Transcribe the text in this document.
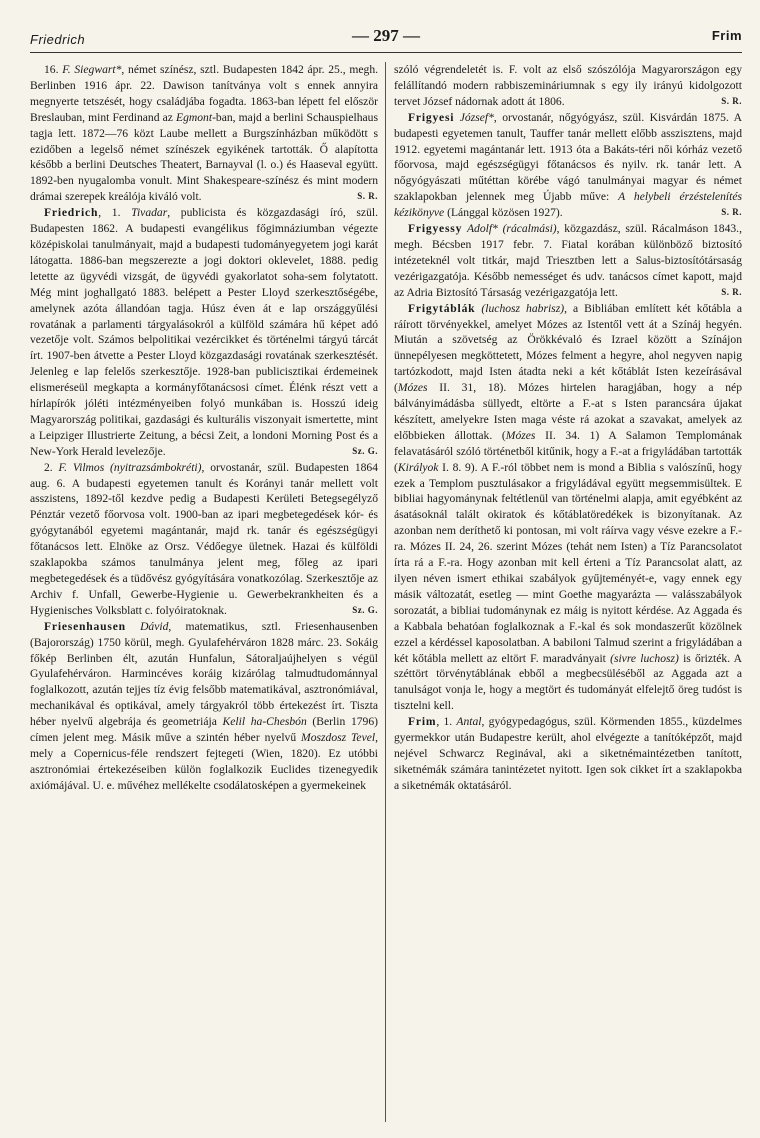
Friedrich	— 297 —	Frim

16. F. Siegwart*, német színész, sztl. Budapesten 1842 ápr. 25., megh. Berlinben 1916 ápr. 22. Dawison tanítványa volt s ennek annyira megnyerte tetszését, hogy családjába fogadta. 1863-ban lépett fel először Breslauban, mint Ferdinand az Egmont-ban, majd a berlini Schauspielhaus tagja lett. 1872—76 közt Laube mellett a Burgszínházban működött s ezidőben a legelső német színészek egyikének tartották. Ő alapította később a berlini Deutsches Theatert, Barnayval (l. o.) és Haaseval együtt. 1892-ben nyugalomba vonult. Mint Shakespeare-színész és mint modern drámai szerepek kreálója kiváló volt.	S. R.

Friedrich, 1. Tivadar, publicista és közgazdasági író, szül. Budapesten 1862. A budapesti evangélikus főgimnáziumban végezte középiskolai tanulmányait, majd a budapesti tudományegyetem jogi karát látogatta. 1886-ban megszerezte a jogi doktori oklevelet, 1888. pedig letette az ügyvédi vizsgát, de ügyvédi gyakorlatot soha-sem folytatott. Még mint joghallgató 1883. belépett a Pester Lloyd szerkesztőségébe, amelynek azóta állandóan tagja. Húsz éven át e lap országgyűlési rovatának a parlamenti tárgyalásokról a külföld számára hű képet adó vezetője volt. Számos belpolitikai vezércikket és történelmi tárgyú tárcát írt. 1907-ben átvette a Pester Lloyd közgazdasági rovatának szerkesztését. Jelenleg e lap felelős szerkesztője. 1928-ban publicisztikai érdemeinek elismeréseül megkapta a kormányfőtanácsosi címet. Élénk részt vett a hírlapírók jóléti intézményeiben folyó munkában is. Hosszú ideig Magyarország politikai, gazdasági és kulturális viszonyait ismertette, mint a Leipziger Illustrierte Zeitung, a bécsi Zeit, a londoni Morning Post és a New-York Herald levelezője.	Sz. G.

2. F. Vilmos (nyitrazsámbokréti), orvostanár, szül. Budapesten 1864 aug. 6. A budapesti egyetemen tanult és Korányi tanár mellett volt asszistens, 1892-től kezdve pedig a Budapesti Kerületi Betegsegélyző Pénztár vezető főorvosa volt. 1900-ban az ipari megbetegedések kór- és gyógytanából egyetemi magántanár, majd rk. tanár és egészségügyi főtanácsos lett. Elnöke az Orsz. Védőegye ületnek. Hazai és külföldi szaklapokba számos tanulmánya jelent meg, főleg az ipari megbetegedések és a tüdővész gyógyítására vonatkozólag. Szerkesztője az Archiv f. Unfall, Gewerbe-Hygienie u. Gewerbekrankheiten és a Hygienisches Volksblatt c. folyóiratoknak.	Sz. G.

Friesenhausen Dávid, matematikus, sztl. Friesenhausenben (Bajorország) 1750 körül, megh. Gyulafehérváron 1828 márc. 23. Sokáig főkép Berlinben élt, azután Hunfalun, Sátoraljaújhelyen s végül Gyulafehérváron. Harmincéves koráig kizárólag talmudtudománnyal foglalkozott, azután tejjes tíz évig felsőbb matematikával, asztronómiával, mechanikával és optikával, amely tárgyakról több értekezést írt. Tiszta héber nyelvű algebrája és geometriája Kelil ha-Chesbón (Berlin 1796) címen jelent meg. Másik műve a szintén héber nyelvű Moszdosz Tevel, mely a Copernicus-féle rendszert fejtegeti (Wien, 1820). Ez utóbbi asztronómiai értekezéseiben külön foglalkozik Euclides tizenegyedik axiómájával. U. e. művéhez mellékelte csodálatosképen a gyermekeinek

szóló végrendeletét is. F. volt az első szószólója Magyarországon egy felállítandó modern rabbiszemináriumnak s egy ily irányú kidolgozott tervet József nádornak adott át 1806.	S. R.

Frigyesi József*, orvostanár, nőgyógyász, szül. Kisvárdán 1875. A budapesti egyetemen tanult, Tauffer tanár mellett előbb asszisztens, majd 1912. egyetemi magántanár lett. 1913 óta a Bakáts-téri női kórház vezető főorvosa, majd egészségügyi főtanácsos és nyilv. rk. tanár lett. A nőgyógyászati műtéttan körébe vágó tanulmányai magyar és német szaklapokban jelennek meg Újabb műve: A helybeli érzéstelenítés kézikönyve (Lánggal közösen 1927).	S. R.

Frigyessy Adolf* (rácalmási), közgazdász, szül. Rácalmáson 1843., megh. Bécsben 1917 febr. 7. Fiatal korában különböző biztosító intézeteknél volt titkár, majd Triesztben lett a Salus-biztosítótársaság vezérigazgatója. Később nemességet és udv. tanácsos címet kapott, majd az Adria Biztosító Társaság vezérigazgatója lett.	S. R.

Frigytáblák (luchosz habrisz), a Bibliában említett két kőtábla a ráírott törvényekkel, amelyet Mózes az Istentől vett át a Színáj hegyén. Miután a szövetség az Örökkévaló és Izrael között a Színájon ünnepélyesen megköttetett, Mózes felment a hegyre, ahol negyven napig tartózkodott, majd Isten átadta neki a két kőtáblát Isten kezeírásával (Mózes II. 31, 18). Mózes hirtelen haragjában, hogy a nép bálványimádásba süllyedt, eltörte a F.-at s Isten parancsára újakat készített, amelyekre Isten maga véste rá azokat a szavakat, amelyek az előbbieken állottak. (Mózes II. 34. 1) A Salamon Templomának felavatásáról szóló történetből kitűnik, hogy a F.-at a frigyládában tartották (Királyok I. 8. 9). A F.-ról többet nem is mond a Biblia s valószínű, hogy ezek a Templom pusztulásakor a frigyládával együtt megsemmisültek. E bibliai hagyománynak feltétlenül van történelmi alapja, amit egyébként az ásatásoknál talált okiratok és kőtáblatöredékek is bizonyítanak. Az azonban nem deríthető ki pontosan, mi volt ráírva vagy vésve ezekre a F.-ra. Mózes II. 24, 26. szerint Mózes (tehát nem Isten) a Tíz Parancsolatot írta rá a F.-ra. Hogy azonban mit kell érteni a Tíz Parancsolat alatt, az ilyen néven ismert ethikai szabályok gyűjteményét-e, vagy ennek egy másik változatát, esetleg — mint Goethe magyarázta — valásszabályok sorozatát, a bibliai tudománynak ez máig is nyitott kérdése. Az Aggada és a Kabbala behatóan foglalkoznak a F.-kal és sok mondaszerűt közölnek ezzel a kérdéssel kaposolatban. A babiloni Talmud szerint a frigyládában a két kőtábla mellett az eltört F. maradványait (sivre luchosz) is őrizték. A széttört törvénytáblának ebből a megbecsüléséből az Aggada azt a tanulságot vonja le, hogy a megtört és tudományát elfelejtő öreg tudóst is tisztelni kell.

Frim, 1. Antal, gyógypedagógus, szül. Körmenden 1855., küzdelmes gyermekkor után Budapestre került, ahol elvégezte a tanítóképzőt, majd nejével Schwarcz Reginával, aki a siketnémaintézetben tanított, siketnémák számára tanintézetet nyitott. Igen sok cikket írt a szaklapokba a siketnémák oktatásáról.
